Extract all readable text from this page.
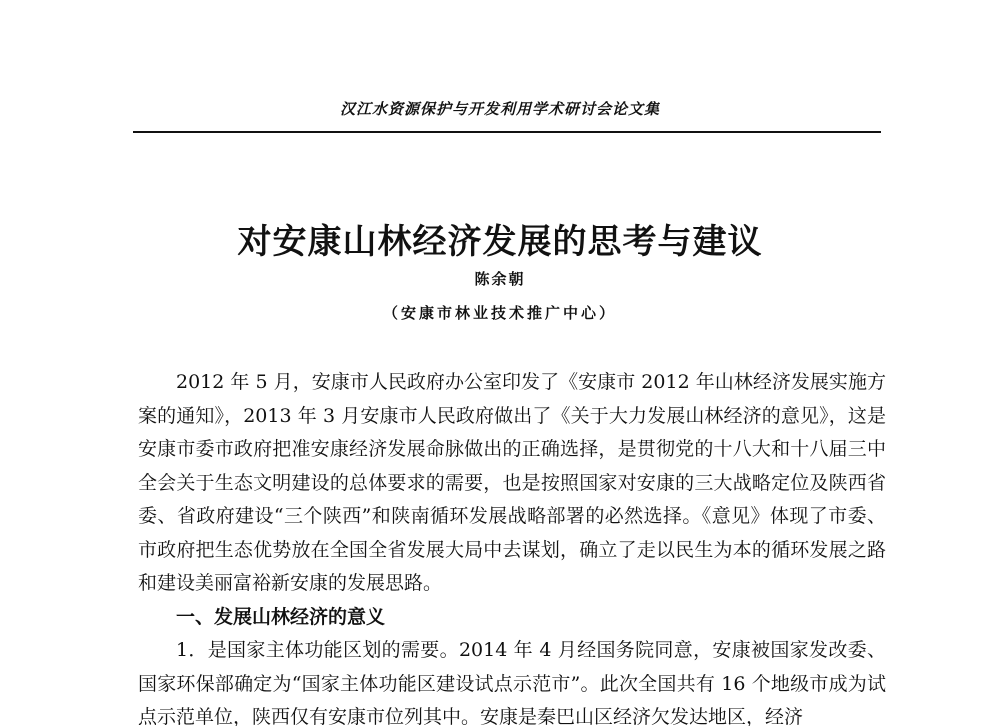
汉江水资源保护与开发利用学术研讨会论文集
对安康山林经济发展的思考与建议
陈余朝
（安康市林业技术推广中心）

2012 年 5 月，安康市人民政府办公室印发了《安康市 2012 年山林经济发展实施方案的通知》，2013 年 3 月安康市人民政府做出了《关于大力发展山林经济的意见》，这是安康市委市政府把准安康经济发展命脉做出的正确选择，是贯彻党的十八大和十八届三中全会关于生态文明建设的总体要求的需要，也是按照国家对安康的三大战略定位及陕西省委、省政府建设“三个陕西”和陕南循环发展战略部署的必然选择。《意见》体现了市委、市政府把生态优势放在全国全省发展大局中去谋划，确立了走以民生为本的循环发展之路和建设美丽富裕新安康的发展思路。

一、发展山林经济的意义

1．是国家主体功能区划的需要。2014 年 4 月经国务院同意，安康被国家发改委、国家环保部确定为“国家主体功能区建设试点示范市”。此次全国共有 16 个地级市成为试点示范单位，陕西仅有安康市位列其中。安康是秦巴山区经济欠发达地区，经济
